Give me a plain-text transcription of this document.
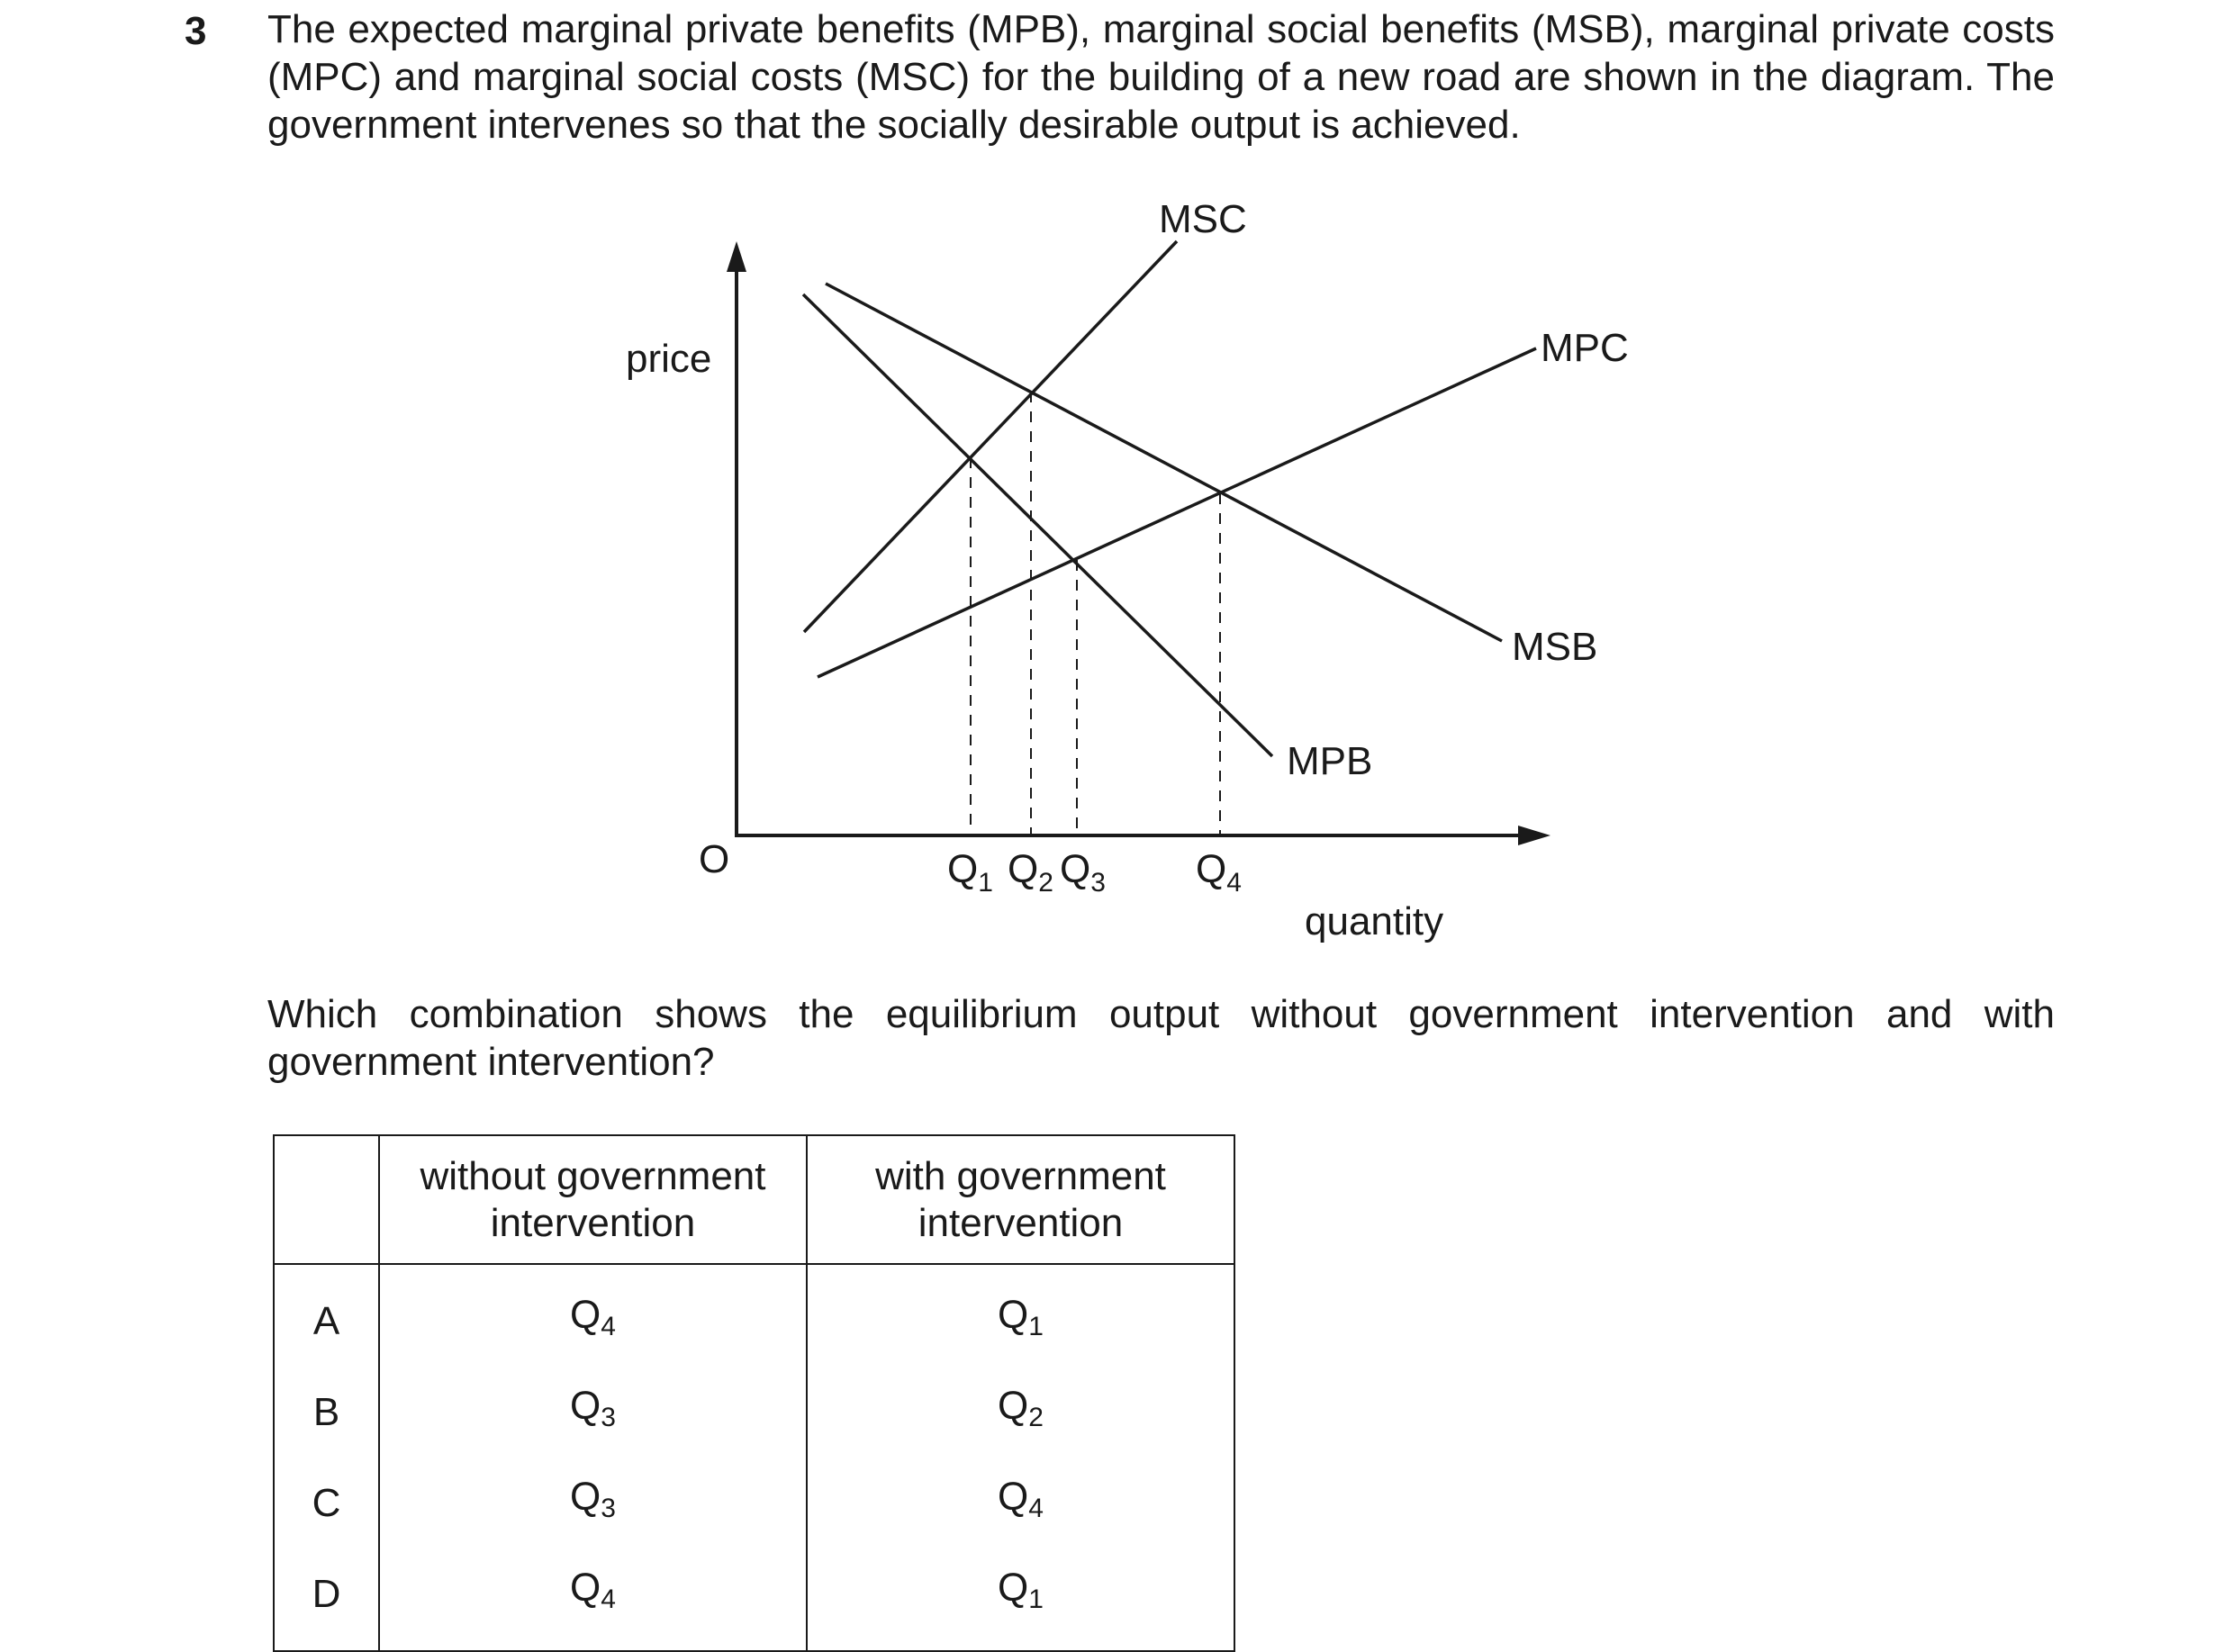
3 The expected marginal private benefits (MPB), marginal social benefits (MSB), marginal private costs (MPC) and marginal social costs (MSC) for the building of a new road are shown in the diagram. The government intervenes so that the socially desirable output is achieved.

price
quantity
O
MSC
MPC
MSB
MPB
$Q_1$ $Q_2$ $Q_3$ $Q_4$

Which combination shows the equilibrium output without government intervention and with government intervention?

	without government intervention	with government intervention
A	Q4	Q1
B	Q3	Q2
C	Q3	Q4
D	Q4	Q1
